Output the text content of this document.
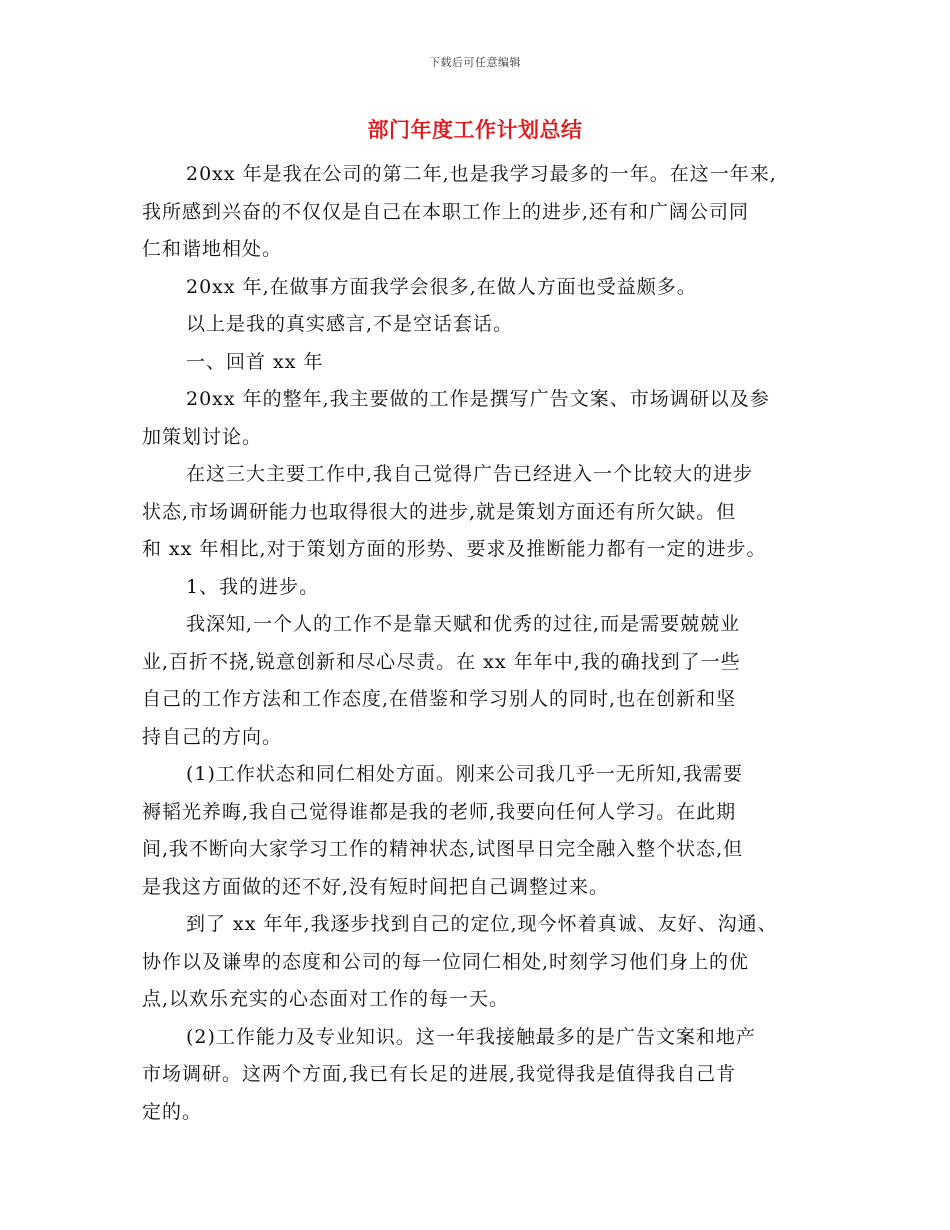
下载后可任意编辑
部门年度工作计划总结

20xx 年是我在公司的第二年,也是我学习最多的一年。在这一年来,
我所感到兴奋的不仅仅是自己在本职工作上的进步,还有和广阔公司同
仁和谐地相处。

20xx 年,在做事方面我学会很多,在做人方面也受益颇多。

以上是我的真实感言,不是空话套话。

一、回首 xx 年

20xx 年的整年,我主要做的工作是撰写广告文案、市场调研以及参
加策划讨论。

在这三大主要工作中,我自己觉得广告已经进入一个比较大的进步
状态,市场调研能力也取得很大的进步,就是策划方面还有所欠缺。但
和 xx 年相比,对于策划方面的形势、要求及推断能力都有一定的进步。

1、我的进步。

我深知,一个人的工作不是靠天赋和优秀的过往,而是需要兢兢业
业,百折不挠,锐意创新和尽心尽责。在 xx 年年中,我的确找到了一些
自己的工作方法和工作态度,在借鉴和学习别人的同时,也在创新和坚
持自己的方向。

(1)工作状态和同仁相处方面。刚来公司我几乎一无所知,我需要
褥韬光养晦,我自己觉得谁都是我的老师,我要向任何人学习。在此期
间,我不断向大家学习工作的精神状态,试图早日完全融入整个状态,但
是我这方面做的还不好,没有短时间把自己调整过来。

到了 xx 年年,我逐步找到自己的定位,现今怀着真诚、友好、沟通、
协作以及谦卑的态度和公司的每一位同仁相处,时刻学习他们身上的优
点,以欢乐充实的心态面对工作的每一天。

(2)工作能力及专业知识。这一年我接触最多的是广告文案和地产
市场调研。这两个方面,我已有长足的进展,我觉得我是值得我自己肯
定的。
